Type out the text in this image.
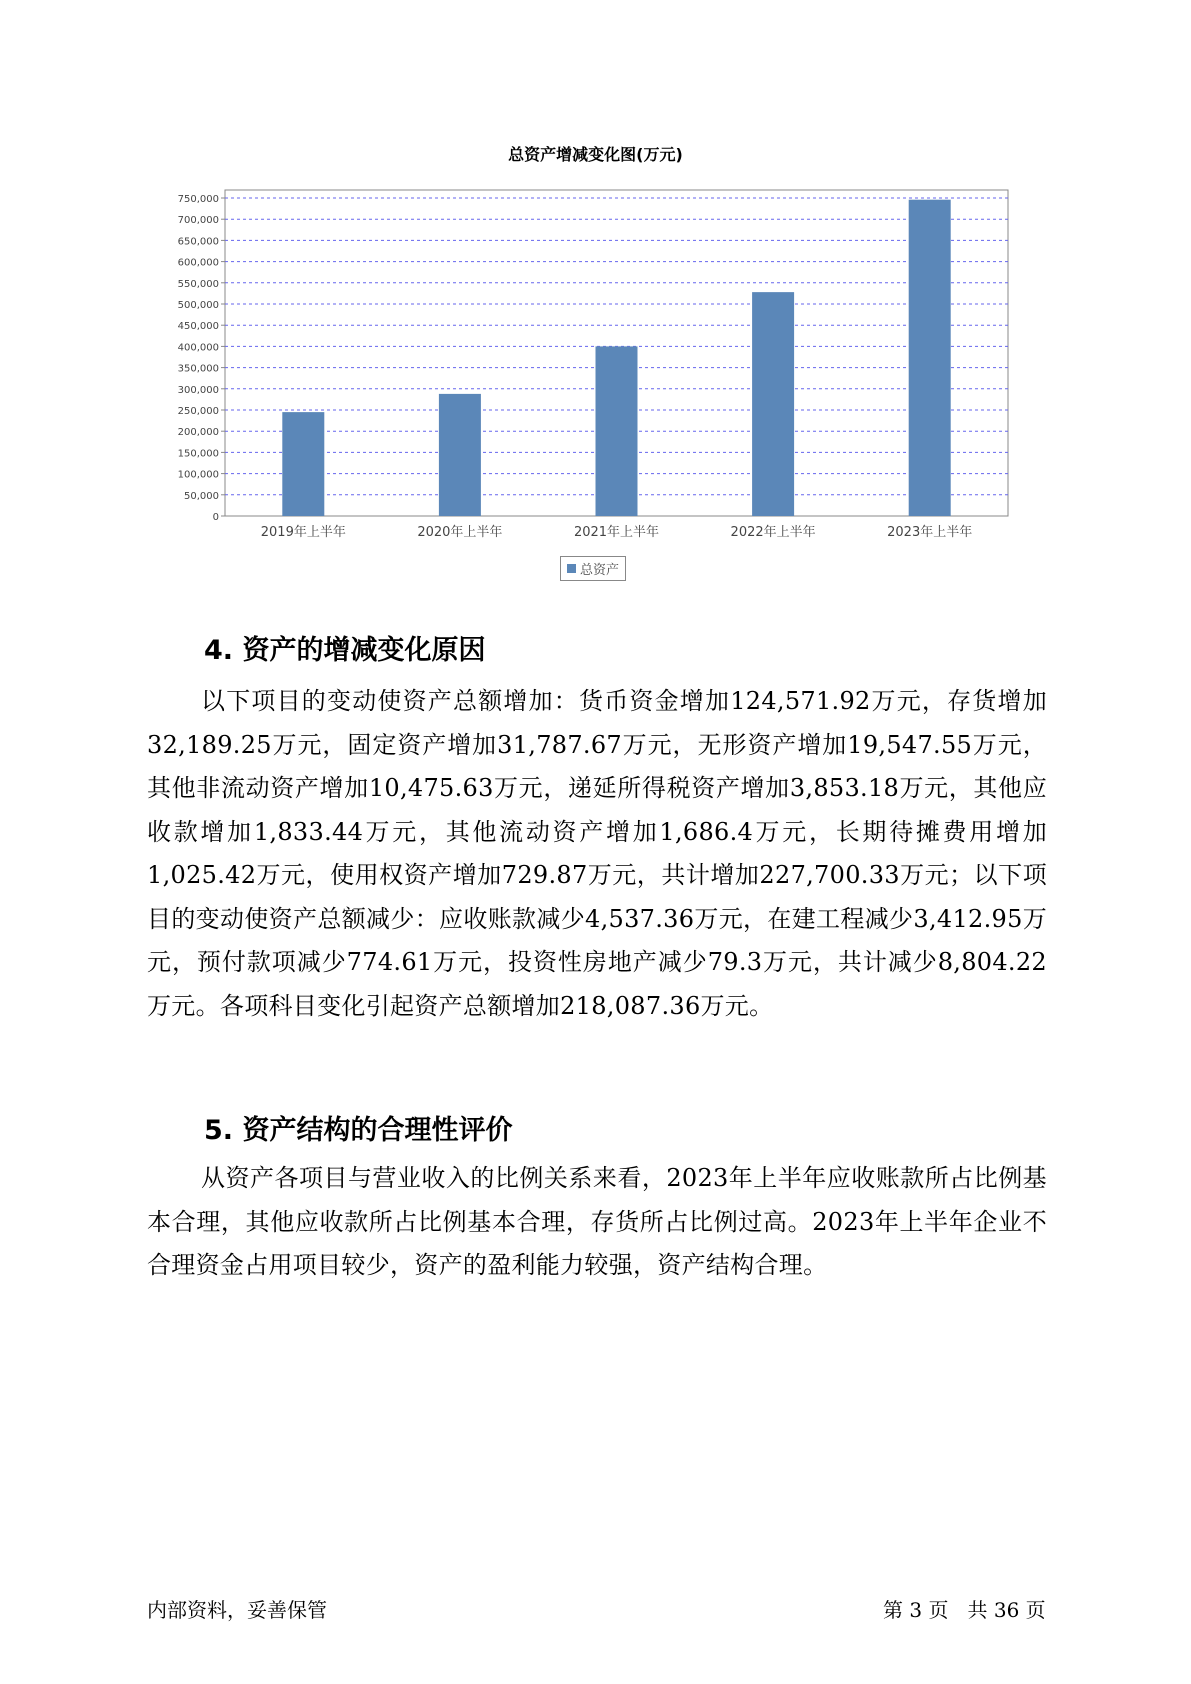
总资产增减变化图(万元)
0
50,000
100,000
150,000
200,000
250,000
300,000
350,000
400,000
450,000
500,000
550,000
600,000
650,000
700,000
750,000
2019年上半年	2020年上半年	2021年上半年	2022年上半年	2023年上半年
总资产
4. 资产的增减变化原因

以下项目的变动使资产总额增加：货币资金增加124,571.92万元，存货增加32,189.25万元，固定资产增加31,787.67万元，无形资产增加19,547.55万元，其他非流动资产增加10,475.63万元，递延所得税资产增加3,853.18万元，其他应收款增加1,833.44万元，其他流动资产增加1,686.4万元，长期待摊费用增加1,025.42万元，使用权资产增加729.87万元，共计增加227,700.33万元；以下项目的变动使资产总额减少：应收账款减少4,537.36万元，在建工程减少3,412.95万元，预付款项减少774.61万元，投资性房地产减少79.3万元，共计减少8,804.22万元。各项科目变化引起资产总额增加218,087.36万元。

5. 资产结构的合理性评价

从资产各项目与营业收入的比例关系来看，2023年上半年应收账款所占比例基本合理，其他应收款所占比例基本合理，存货所占比例过高。2023年上半年企业不合理资金占用项目较少，资产的盈利能力较强，资产结构合理。

内部资料，妥善保管	第 3 页   共 36 页
